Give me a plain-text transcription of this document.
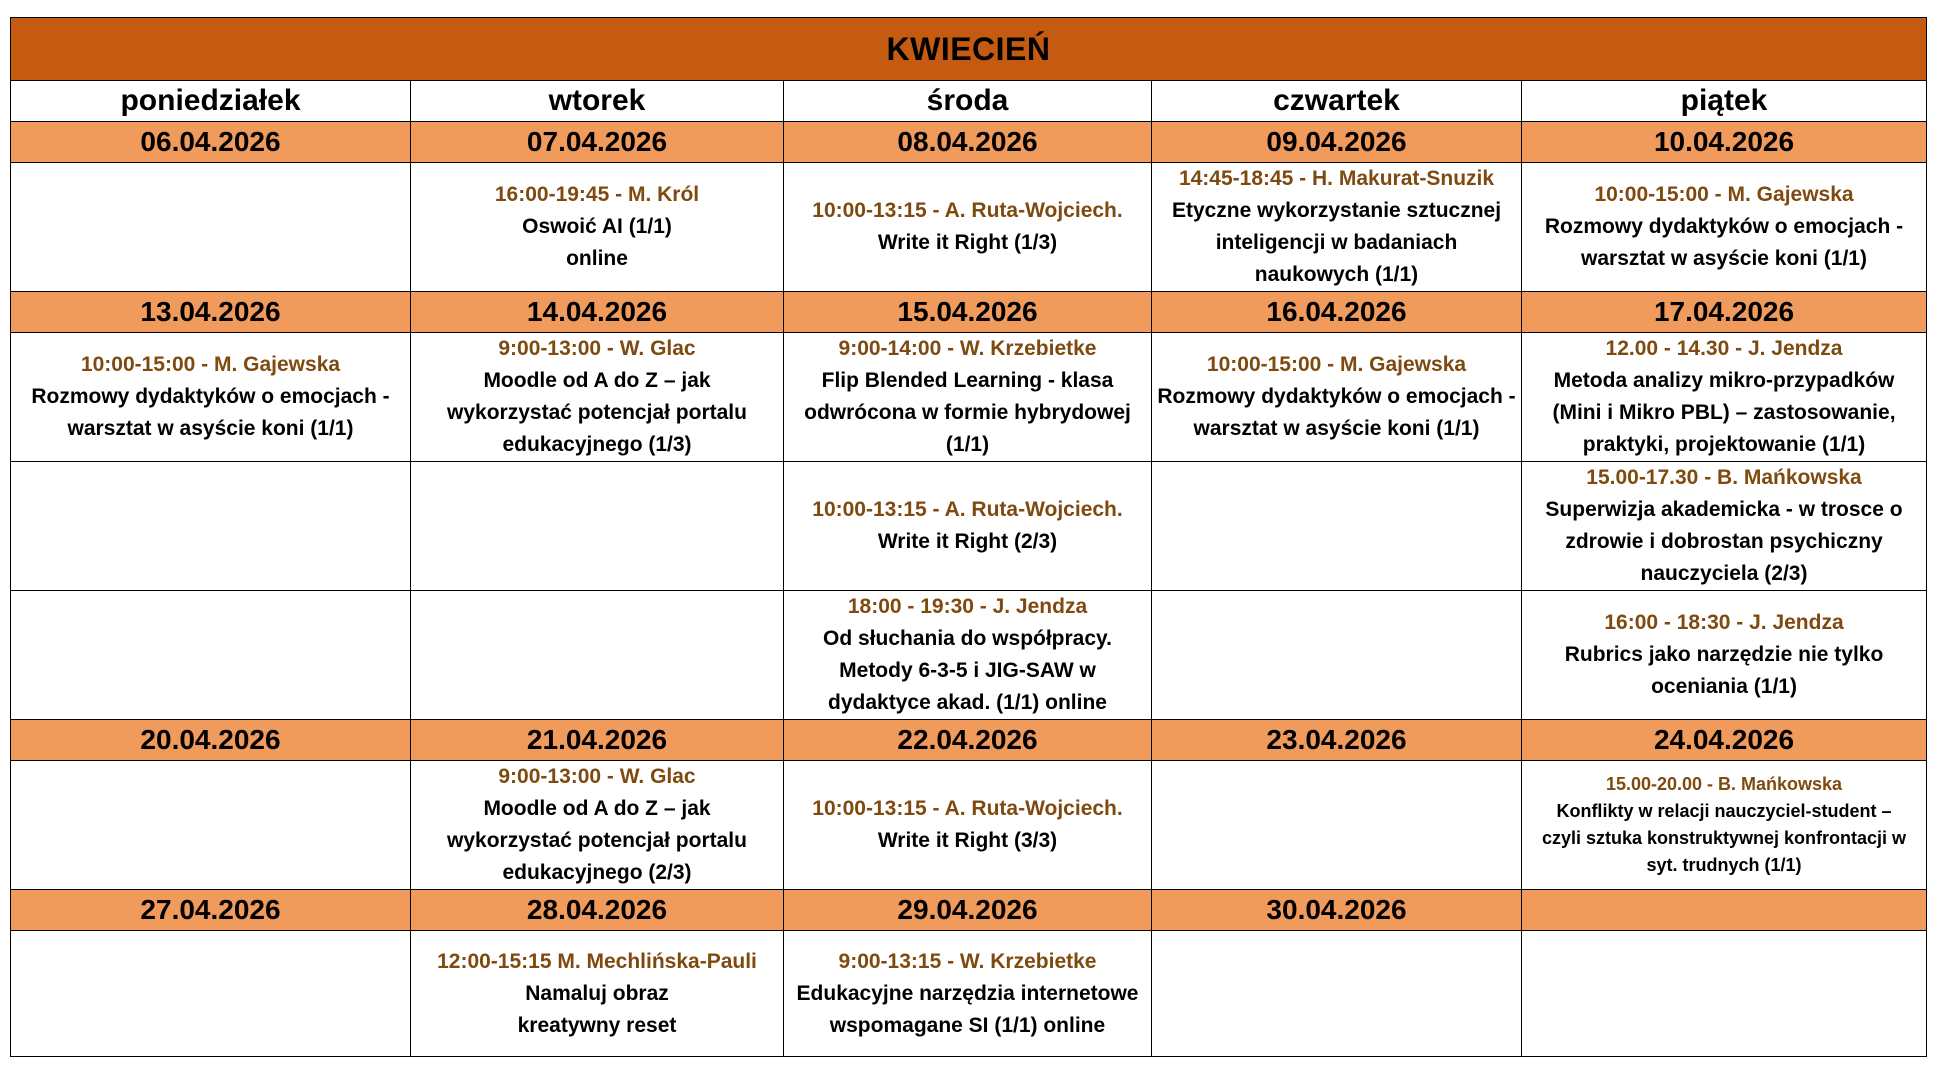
KWIECIEŃ				
poniedziałek	wtorek	środa	czwartek	piątek
06.04.2026	07.04.2026	08.04.2026	09.04.2026	10.04.2026

	16:00-19:45 - M. Król
Oswoić AI (1/1)
online	10:00-13:15 - A. Ruta-Wojciech.
Write it Right (1/3)	14:45-18:45 - H. Makurat-Snuzik
Etyczne wykorzystanie sztucznej
inteligencji w badaniach
naukowych (1/1)	10:00-15:00 - M. Gajewska
Rozmowy dydaktyków o emocjach -
warsztat w asyście koni (1/1)

13.04.2026	14.04.2026	15.04.2026	16.04.2026	17.04.2026

10:00-15:00 - M. Gajewska
Rozmowy dydaktyków o emocjach -
warsztat w asyście koni (1/1)	9:00-13:00 - W. Glac
Moodle od A do Z – jak
wykorzystać potencjał portalu
edukacyjnego (1/3)	9:00-14:00 - W. Krzebietke
Flip Blended Learning - klasa
odwrócona w formie hybrydowej
(1/1)	10:00-15:00 - M. Gajewska
Rozmowy dydaktyków o emocjach -
warsztat w asyście koni (1/1)	12.00 - 14.30 - J. Jendza
Metoda analizy mikro-przypadków
(Mini i Mikro PBL) – zastosowanie,
praktyki, projektowanie (1/1)

		10:00-13:15 - A. Ruta-Wojciech.
Write it Right (2/3)		15.00-17.30 - B. Mańkowska
Superwizja akademicka - w trosce o
zdrowie i dobrostan psychiczny
nauczyciela (2/3)

		18:00 - 19:30 - J. Jendza
Od słuchania do współpracy.
Metody 6-3-5 i JIG-SAW w
dydaktyce akad. (1/1) online		16:00 - 18:30 - J. Jendza
Rubrics jako narzędzie nie tylko
oceniania (1/1)

20.04.2026	21.04.2026	22.04.2026	23.04.2026	24.04.2026

	9:00-13:00 - W. Glac
Moodle od A do Z – jak
wykorzystać potencjał portalu
edukacyjnego (2/3)	10:00-13:15 - A. Ruta-Wojciech.
Write it Right (3/3)		15.00-20.00 - B. Mańkowska
Konflikty w relacji nauczyciel-student –
czyli sztuka konstruktywnej konfrontacji w
syt. trudnych (1/1)

27.04.2026	28.04.2026	29.04.2026	30.04.2026	

	12:00-15:15 M. Mechlińska-Pauli
Namaluj obraz
kreatywny reset	9:00-13:15 - W. Krzebietke
Edukacyjne narzędzia internetowe
wspomagane SI (1/1) online		
